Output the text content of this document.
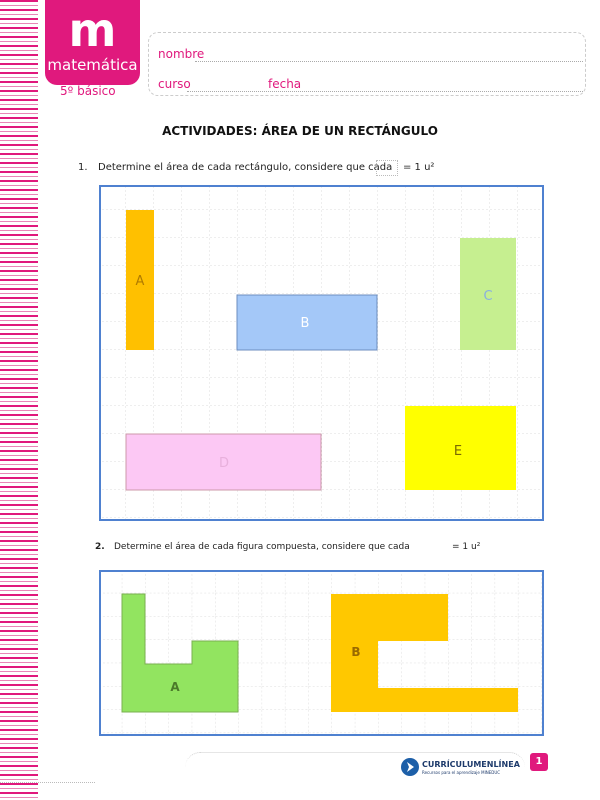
m
matemática
5º básico
nombre
curso	fecha
ACTIVIDADES: ÁREA DE UN RECTÁNGULO
1. Determine el área de cada rectángulo, considere que cada = 1 u²
A
B
C
D
E
2. Determine el área de cada figura compuesta, considere que cada	= 1 u²
A
B
CURRÍCULUMENLÍNEA
Recursos para el aprendizaje MINEDUC
1
